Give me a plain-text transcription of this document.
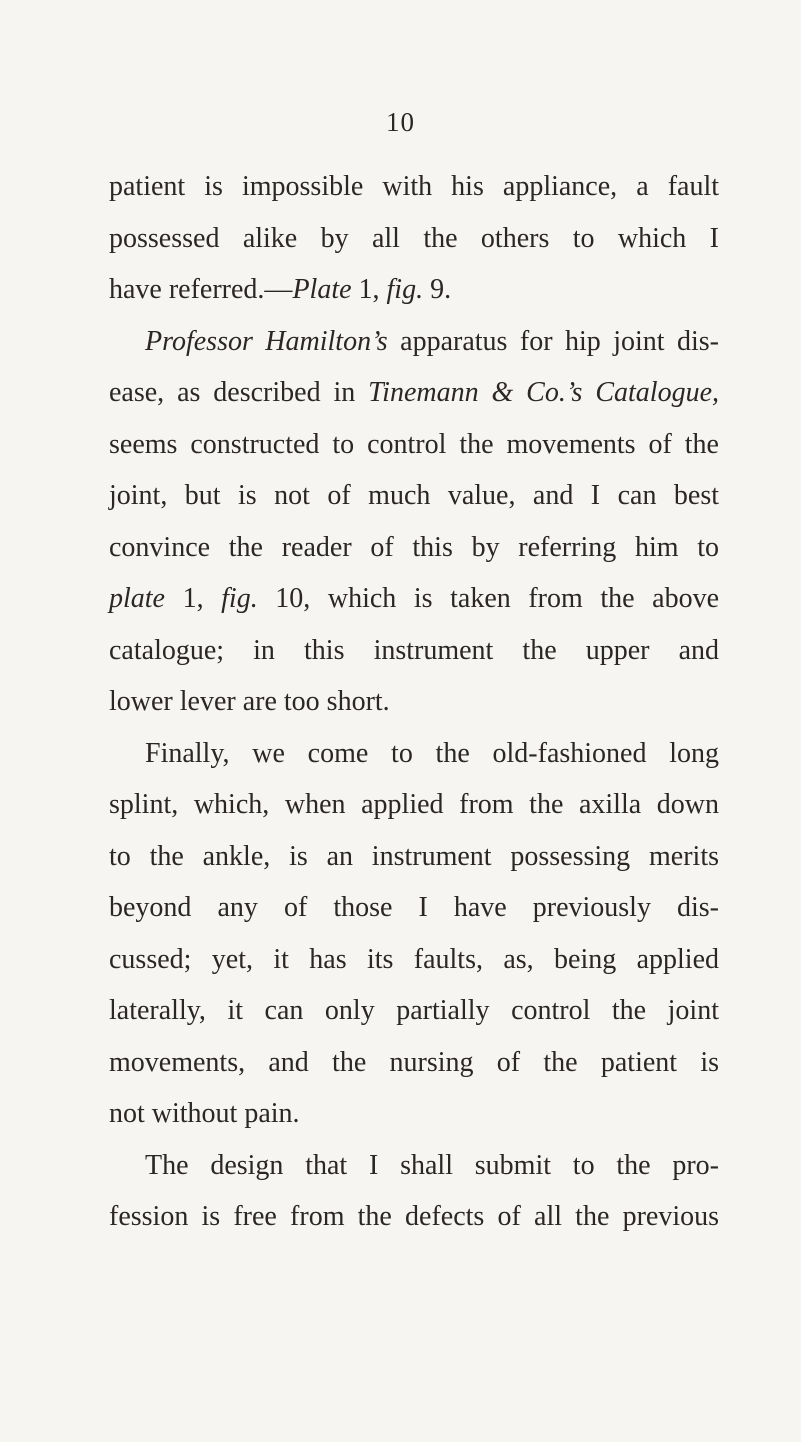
10
patient is impossible with his appliance, a fault
possessed alike by all the others to which I
have referred.—Plate 1, fig. 9.
Professor Hamilton’s apparatus for hip joint dis-
ease, as described in Tinemann & Co.’s Catalogue,
seems constructed to control the movements of the
joint, but is not of much value, and I can best
convince the reader of this by referring him to
plate 1, fig. 10, which is taken from the above
catalogue; in this instrument the upper and
lower lever are too short.
Finally, we come to the old-fashioned long
splint, which, when applied from the axilla down
to the ankle, is an instrument possessing merits
beyond any of those I have previously dis-
cussed; yet, it has its faults, as, being applied
laterally, it can only partially control the joint
movements, and the nursing of the patient is
not without pain.
The design that I shall submit to the pro-
fession is free from the defects of all the previous
